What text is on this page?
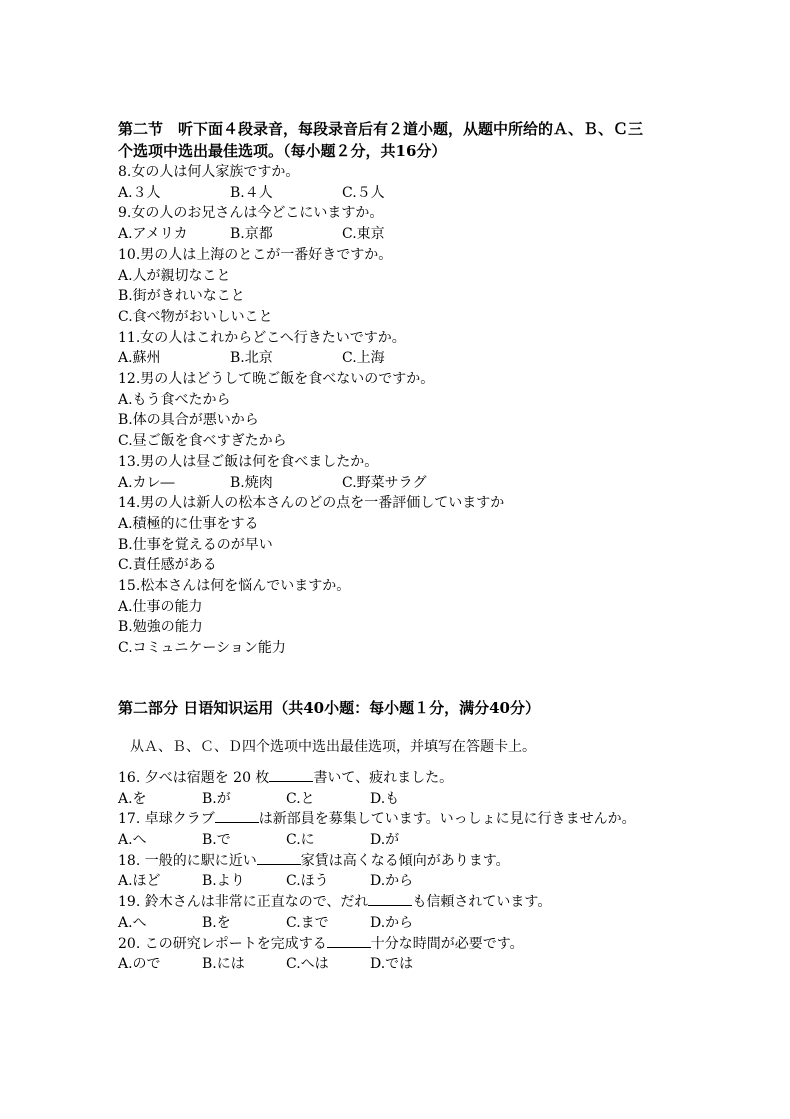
第二节　听下面４段录音，每段录音后有２道小题，从题中所给的Ａ、Ｂ、Ｃ三
个选项中选出最佳选项。（每小题２分，共16分）
8.女の人は何人家族ですか。
A.３人	B.４人	C.５人
9.女の人のお兄さんは今どこにいますか。
A.アメリカ	B.京都	C.東京
10.男の人は上海のとこが一番好きですか。
A.人が親切なこと
B.街がきれいなこと
C.食べ物がおいしいこと
11.女の人はこれからどこへ行きたいですか。
A.蘇州	B.北京	C.上海
12.男の人はどうして晩ご飯を食べないのですか。
A.もう食べたから
B.体の具合が悪いから
C.昼ご飯を食べすぎたから
13.男の人は昼ご飯は何を食べましたか。
A.カレ―	B.焼肉	C.野菜サラグ
14.男の人は新人の松本さんのどの点を一番評価していますか
A.積極的に仕事をする
B.仕事を覚えるのが早い
C.責任感がある
15.松本さんは何を悩んでいますか。
A.仕事の能力
B.勉強の能力
C.コミュニケーション能力
第二部分 日语知识运用（共40小题：每小题１分，满分40分）
从Ａ、Ｂ、Ｃ、Ｄ四个选项中选出最佳选项，并填写在答题卡上。
16. 夕べは宿題を 20 枚	書いて、疲れました。
A.を	B.が	C.と	D.も
17. 卓球クラブ	は新部員を募集しています。いっしょに見に行きませんか。
A.へ	B.で	C.に	D.が
18. 一般的に駅に近い	家賃は高くなる傾向があります。
A.ほど	B.より	C.ほう	D.から
19. 鈴木さんは非常に正直なので、だれ	も信頼されています。
A.へ	B.を	C.まで	D.から
20. この研究レポートを完成する	十分な時間が必要です。
A.ので	B.には	C.へは	D.では
